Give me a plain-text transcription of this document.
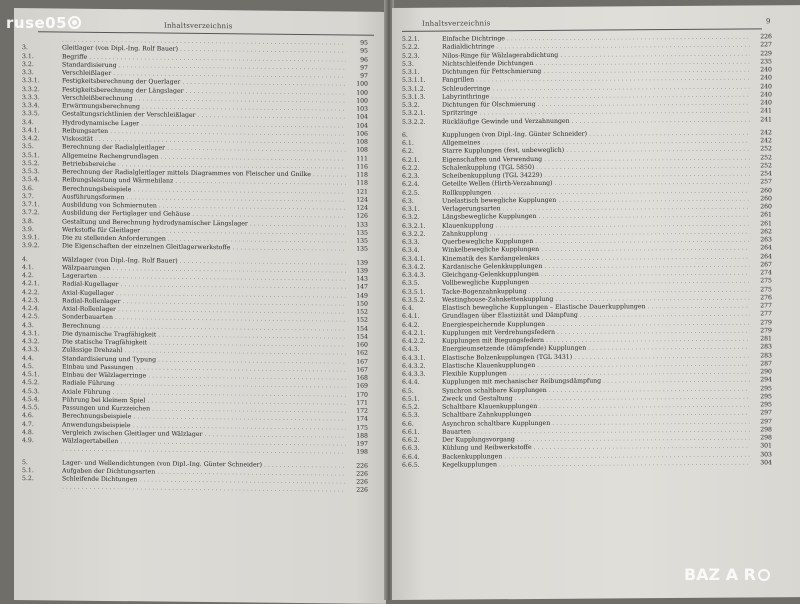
Inhaltsverzeichnis
. . .
95
3.	Gleitlager (von Dipl.-Ing. Rolf Bauer) . . .	95
3.1.	Begriffe . . .	96
3.2.	Standardisierung . . .	97
3.3.	Verschleißlager . . .	97
3.3.1.	Festigkeitsberechnung der Querlager . . .	100
3.3.2.	Festigkeitsberechnung der Längslager . . .	100
3.3.3.	Verschleißberechnung . . .	100
3.3.4.	Erwärmungsberechnung . . .	103
3.3.5.	Gestaltungsrichtlinien der Verschleißlager . . .	104
3.4.	Hydrodynamische Lager . . .	104
3.4.1.	Reibungsarten . . .	106
3.4.2.	Viskosität . . .	108
3.5.	Berechnung der Radialgleitlager . . .	108
3.5.1.	Allgemeine Rechengrundlagen . . .	111
3.5.2.	Betriebsbereiche . . .	116
3.5.3.	Berechnung der Radialgleitlager mittels Diagrammes von Fleischer und Gnilke . . .	118
3.5.4.	Reibungsleistung und Wärmebilanz . . .	118
3.6.	Berechnungsbeispiele . . .	121
3.7.	Ausführungsformen . . .	124
3.7.1.	Ausbildung von Schmiernuten . . .	124
3.7.2.	Ausbildung der Fertiglager und Gehäuse . . .	126
3.8.	Gestaltung und Berechnung hydrodynamischer Längslager . . .	133
3.9.	Werkstoffe für Gleitlager . . .	135
3.9.1.	Die zu stellenden Anforderungen . . .	135
3.9.2.	Die Eigenschaften der einzelnen Gleitlagerwerkstoffe . . .	135
4.	Wälzlager (von Dipl.-Ing. Rolf Bauer) . . .	139
4.1.	Wälzpaarungen . . .	139
4.2.	Lagerarten . . .	143
4.2.1.	Radial-Kugellager . . .	147
4.2.2.	Axial-Kugellager . . .	149
4.2.3.	Radial-Rollenlager . . .	150
4.2.4.	Axial-Rollenlager . . .	152
4.2.5.	Sonderbauarten . . .	152
4.3.	Berechnung . . .	154
4.3.1.	Die dynamische Tragfähigkeit . . .	154
4.3.2.	Die statische Tragfähigkeit . . .	160
4.3.3.	Zulässige Drehzahl . . .	162
4.4.	Standardisierung und Typung . . .	167
4.5.	Einbau und Passungen . . .	167
4.5.1.	Einbau der Wälzlagerringe . . .	168
4.5.2.	Radiale Führung . . .	169
4.5.3.	Axiale Führung . . .	170
4.5.4.	Führung bei kleinem Spiel . . .	171
4.5.5.	Passungen und Kurzzeichen . . .	172
4.6.	Berechnungsbeispiele . . .	174
4.7.	Anwendungsbeispiele . . .	175
4.8.	Vergleich zwischen Gleitlager und Wälzlager . . .	188
4.9.	Wälzlagertabellen . . .	197
. . .
198
5.	Lager- und Wellendichtungen (von Dipl.-Ing. Günter Schneider) . . .	226
5.1.	Aufgaben der Dichtungsarten . . .	226
5.2.	Schleifende Dichtungen . . .	226
. . .
226
Inhaltsverzeichnis	9
5.2.1.	Einfache Dichtringe . . .	226
5.2.2.	Radialdichtringe . . .	227
5.2.3.	Nilos-Ringe für Wälzlagerabdichtung . . .	229
5.3.	Nichtschleifende Dichtungen . . .	235
5.3.1.	Dichtungen für Fettschmierung . . .	240
5.3.1.1.	Fangrillen . . .	240
5.3.1.2.	Schleuderringe . . .	240
5.3.1.3.	Labyrinthringe . . .	240
5.3.2.	Dichtungen für Ölschmierung . . .	240
5.3.2.1.	Spritzringe . . .	241
5.3.2.2.	Rückläufige Gewinde und Verzahnungen . . .	241
6.	Kupplungen (von Dipl.-Ing. Günter Schneider) . . .	242
6.1.	Allgemeines . . .	242
6.2.	Starre Kupplungen (fest, unbeweglich) . . .	252
6.2.1.	Eigenschaften und Verwendung . . .	252
6.2.2.	Schalenkupplung (TGL 5850) . . .	252
6.2.3.	Scheibenkupplung (TGL 34229) . . .	254
6.2.4.	Geteilte Wellen (Hirth-Verzahnung) . . .	257
6.2.5.	Rollkupplungen . . .	260
6.3.	Unelastisch bewegliche Kupplungen . . .	260
6.3.1.	Verlagerungsarten . . .	260
6.3.2.	Längsbewegliche Kupplungen . . .	261
6.3.2.1.	Klauenkupplung . . .	261
6.3.2.2.	Zahnkupplung . . .	262
6.3.3.	Querbewegliche Kupplungen . . .	263
6.3.4.	Winkelbewegliche Kupplungen . . .	264
6.3.4.1.	Kinematik des Kardangelenkes . . .	264
6.3.4.2.	Kardanische Gelenkkupplungen . . .	267
6.3.4.3.	Gleichgang-Gelenkkupplungen . . .	274
6.3.5.	Vollbewegliche Kupplungen . . .	275
6.3.5.1.	Tacke-Bogenzahnkupplung . . .	275
6.3.5.2.	Westinghouse-Zahnkettenkupplung . . .	276
6.4.	Elastisch bewegliche Kupplungen – Elastische Dauerkupplungen . . .	277
6.4.1.	Grundlagen über Elastizität und Dämpfung . . .	277
6.4.2.	Energiespeichernde Kupplungen . . .	279
6.4.2.1.	Kupplungen mit Verdrehungsfedern . . .	279
6.4.2.2.	Kupplungen mit Biegungsfedern . . .	281
6.4.3.	Energieumsetzende (dämpfende) Kupplungen . . .	283
6.4.3.1.	Elastische Bolzenkupplungen (TGL 3431) . . .	283
6.4.3.2.	Elastische Klauenkupplungen . . .	287
6.4.3.3.	Flexible Kupplungen . . .	290
6.4.4.	Kupplungen mit mechanischer Reibungsdämpfung . . .	294
6.5.	Synchron schaltbare Kupplungen . . .	295
6.5.1.	Zweck und Gestaltung . . .	295
6.5.2.	Schaltbare Klauenkupplungen . . .	295
6.5.3.	Schaltbare Zahnkupplungen . . .	297
6.6.	Asynchron schaltbare Kupplungen . . .	297
6.6.1.	Bauarten . . .	298
6.6.2.	Der Kupplungsvorgang . . .	298
6.6.3.	Kühlung und Reibwerkstoffe . . .	301
6.6.4.	Backenkupplungen . . .	303
6.6.5.	Kegelkupplungen . . .	304
ruse05
BAZ A R
